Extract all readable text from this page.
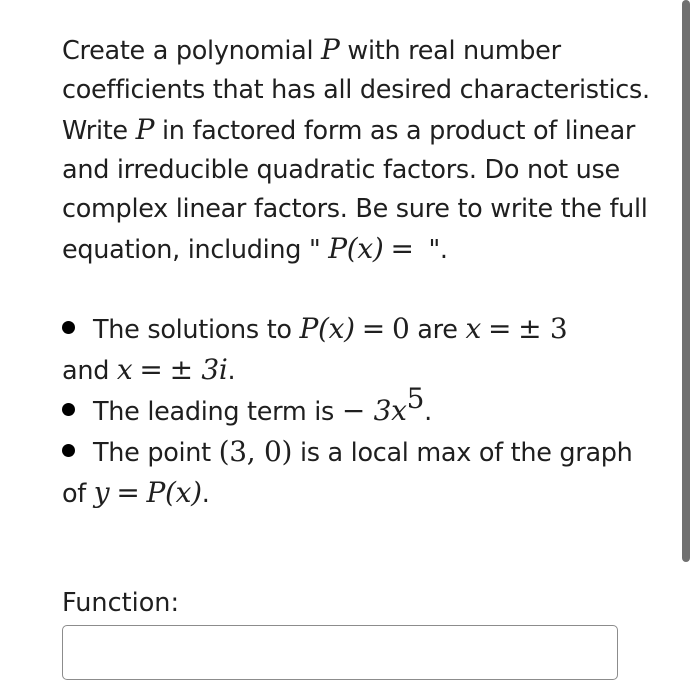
Create a polynomial P with real number coefficients that has all desired characteristics. Write P in factored form as a product of linear and irreducible quadratic factors. Do not use complex linear factors. Be sure to write the full equation, including " P(x) = ".

The solutions to P(x) = 0 are x = ± 3
and x = ± 3i.

The leading term is − $3x^5$.

The point (3, 0) is a local max of the graph of y = P(x).

Function:
